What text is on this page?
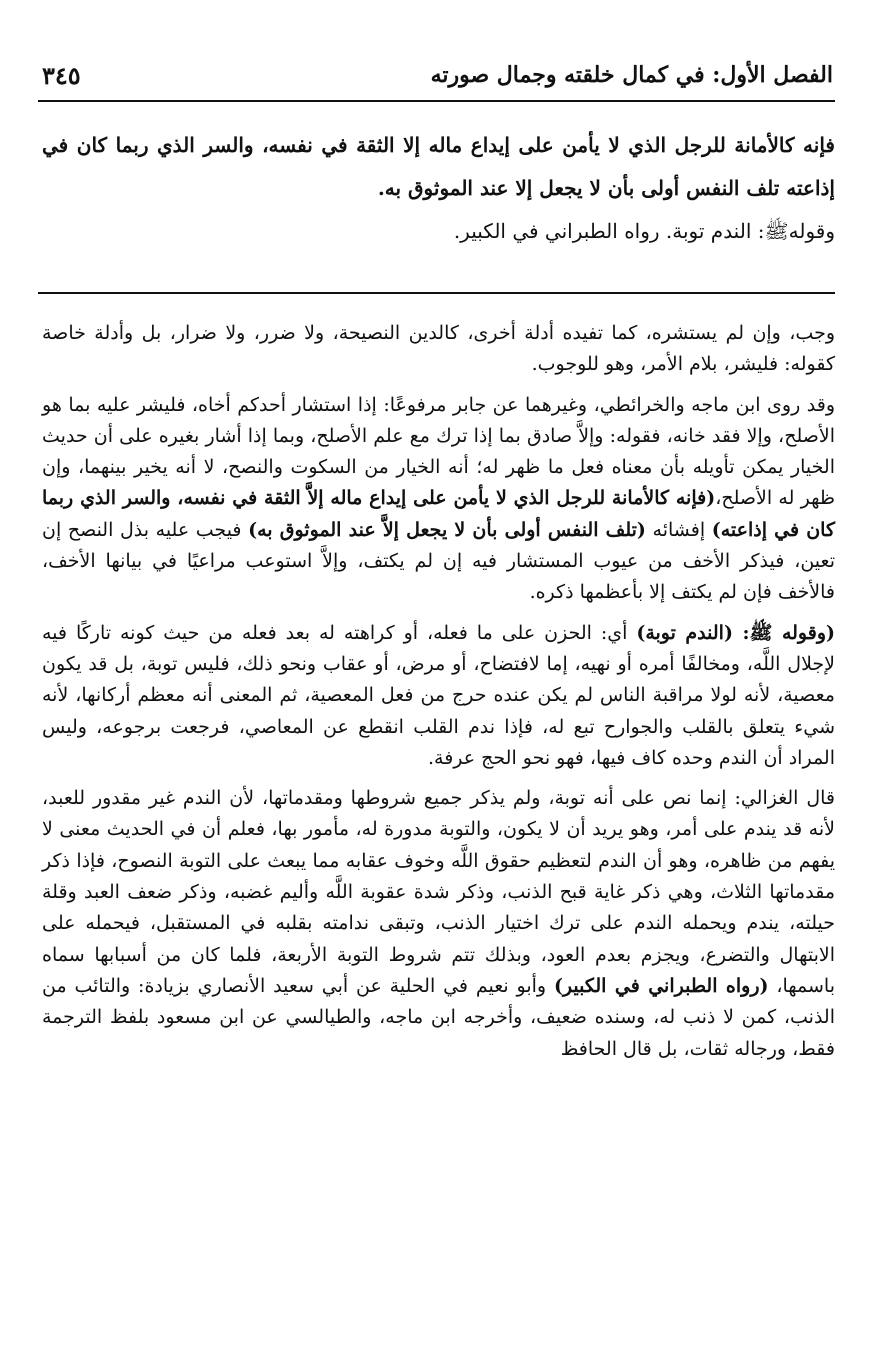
الفصل الأول: في كمال خلقته وجمال صورته
٣٤٥

فإنه كالأمانة للرجل الذي لا يأمن على إيداع ماله إلا الثقة في نفسه، والسر الذي ربما كان في إذاعته تلف النفس أولى بأن لا يجعل إلا عند الموثوق به.

وقولهﷺ: الندم توبة. رواه الطبراني في الكبير.

وجب، وإن لم يستشره، كما تفيده أدلة أخرى، كالدين النصيحة، ولا ضرر، ولا ضرار، بل وأدلة خاصة كقوله: فليشر، بلام الأمر، وهو للوجوب.

وقد روى ابن ماجه والخرائطي، وغيرهما عن جابر مرفوعًا: إذا استشار أحدكم أخاه، فليشر عليه بما هو الأصلح، وإلا فقد خانه، فقوله: وإلاَّ صادق بما إذا ترك مع علم الأصلح، وبما إذا أشار بغيره على أن حديث الخيار يمكن تأويله بأن معناه فعل ما ظهر له؛ أنه الخيار من السكوت والنصح، لا أنه يخير بينهما، وإن ظهر له الأصلح،(فإنه كالأمانة للرجل الذي لا يأمن على إيداع ماله إلاَّ الثقة في نفسه، والسر الذي ربما كان في إذاعته) إفشائه (تلف النفس أولى بأن لا يجعل إلاَّ عند الموثوق به) فيجب عليه بذل النصح إن تعين، فيذكر الأخف من عيوب المستشار فيه إن لم يكتف، وإلاَّ استوعب مراعيًا في بيانها الأخف، فالأخف فإن لم يكتف إلا بأعظمها ذكره.

(وقوله ﷺ: (الندم توبة) أي: الحزن على ما فعله، أو كراهته له بعد فعله من حيث كونه تاركًا فيه لإجلال اللَّه، ومخالفًا أمره أو نهيه، إما لافتضاح، أو مرض، أو عقاب ونحو ذلك، فليس توبة، بل قد يكون معصية، لأنه لولا مراقبة الناس لم يكن عنده حرج من فعل المعصية، ثم المعنى أنه معظم أركانها، لأنه شيء يتعلق بالقلب والجوارح تبع له، فإذا ندم القلب انقطع عن المعاصي، فرجعت برجوعه، وليس المراد أن الندم وحده كاف فيها، فهو نحو الحج عرفة.

قال الغزالي: إنما نص على أنه توبة، ولم يذكر جميع شروطها ومقدماتها، لأن الندم غير مقدور للعبد، لأنه قد يندم على أمر، وهو يريد أن لا يكون، والتوبة مدورة له، مأمور بها، فعلم أن في الحديث معنى لا يفهم من ظاهره، وهو أن الندم لتعظيم حقوق اللَّه وخوف عقابه مما يبعث على التوبة النصوح، فإذا ذكر مقدماتها الثلاث، وهي ذكر غاية قبح الذنب، وذكر شدة عقوبة اللَّه وأليم غضبه، وذكر ضعف العبد وقلة حيلته، يندم ويحمله الندم على ترك اختيار الذنب، وتبقى ندامته بقلبه في المستقبل، فيحمله على الابتهال والتضرع، ويجزم بعدم العود، وبذلك تتم شروط التوبة الأربعة، فلما كان من أسبابها سماه باسمها، (رواه الطبراني في الكبير) وأبو نعيم في الحلية عن أبي سعيد الأنصاري بزيادة: والتائب من الذنب، كمن لا ذنب له، وسنده ضعيف، وأخرجه ابن ماجه، والطيالسي عن ابن مسعود بلفظ الترجمة فقط، ورجاله ثقات، بل قال الحافظ
